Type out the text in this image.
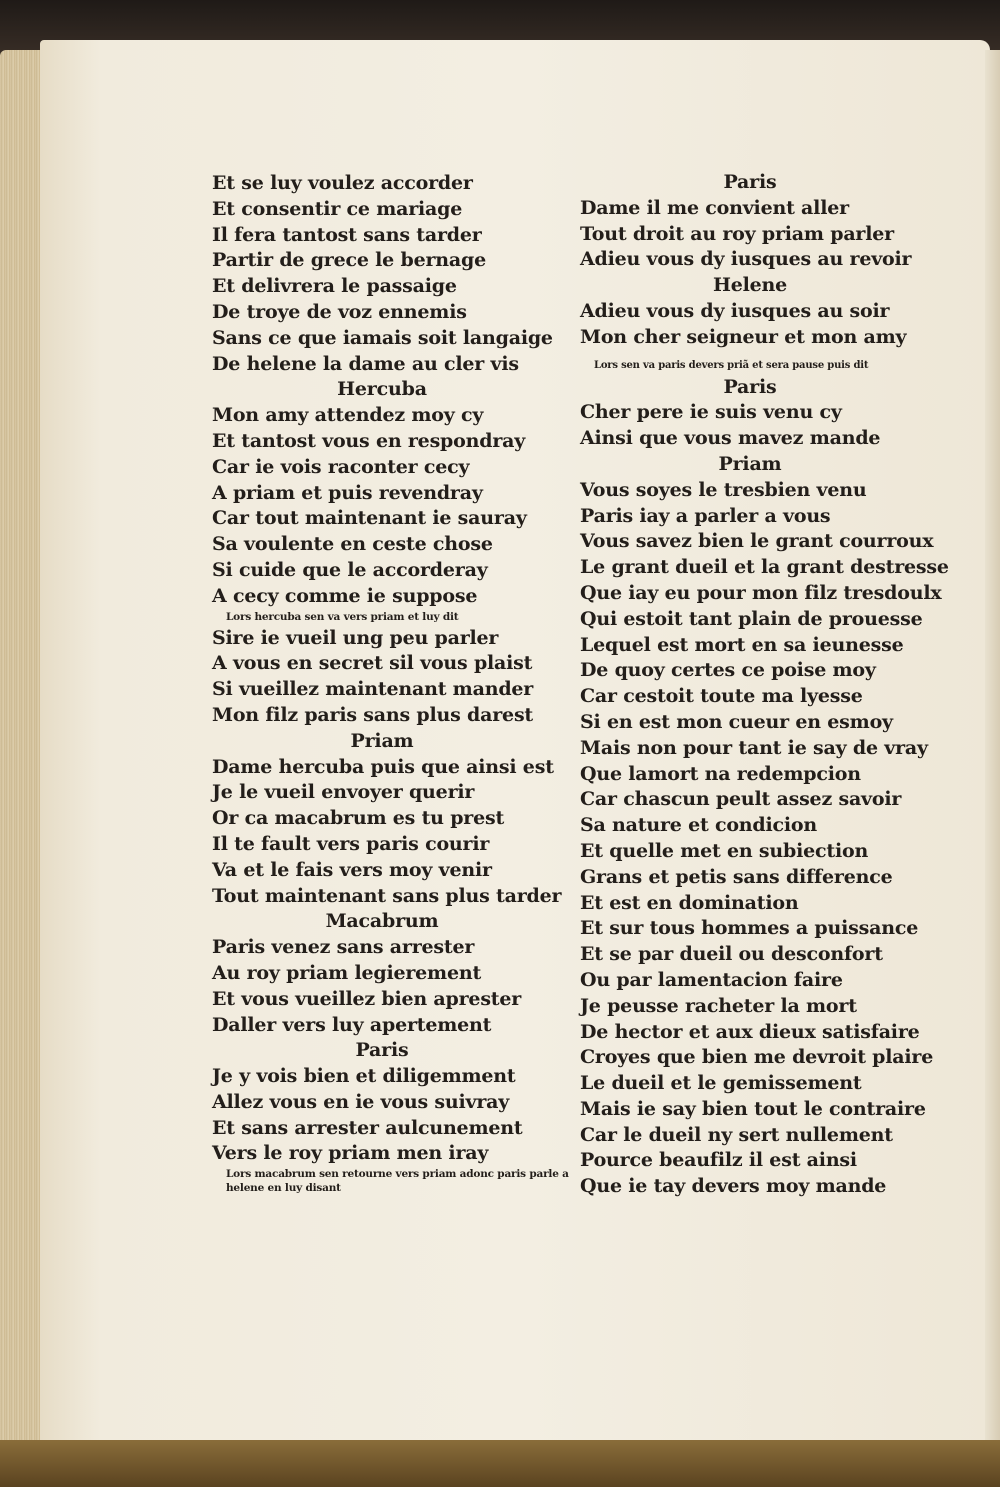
Et se luy voulez accorder
Et consentir ce mariage
Il fera tantost sans tarder
Partir de grece le bernage
Et delivrera le passaige
De troye de voz ennemis
Sans ce que iamais soit langaige
De helene la dame au cler vis
Hercuba
Mon amy attendez moy cy
Et tantost vous en respondray
Car ie vois raconter cecy
A priam et puis revendray
Car tout maintenant ie sauray
Sa voulente en ceste chose
Si cuide que le accorderay
A cecy comme ie suppose
Lors hercuba sen va vers priam et luy dit
Sire ie vueil ung peu parler
A vous en secret sil vous plaist
Si vueillez maintenant mander
Mon filz paris sans plus darest
Priam
Dame hercuba puis que ainsi est
Je le vueil envoyer querir
Or ca macabrum es tu prest
Il te fault vers paris courir
Va et le fais vers moy venir
Tout maintenant sans plus tarder
Macabrum
Paris venez sans arrester
Au roy priam legierement
Et vous vueillez bien aprester
Daller vers luy apertement
Paris
Je y vois bien et diligemment
Allez vous en ie vous suivray
Et sans arrester aulcunement
Vers le roy priam men iray
Lors macabrum sen retourne vers priam adonc paris parle a helene en luy disant
Paris
Dame il me convient aller
Tout droit au roy priam parler
Adieu vous dy iusques au revoir
Helene
Adieu vous dy iusques au soir
Mon cher seigneur et mon amy
Lors sen va paris devers priã et sera pause puis dit
Paris
Cher pere ie suis venu cy
Ainsi que vous mavez mande
Priam
Vous soyes le tresbien venu
Paris iay a parler a vous
Vous savez bien le grant courroux
Le grant dueil et la grant destresse
Que iay eu pour mon filz tresdoulx
Qui estoit tant plain de prouesse
Lequel est mort en sa ieunesse
De quoy certes ce poise moy
Car cestoit toute ma lyesse
Si en est mon cueur en esmoy
Mais non pour tant ie say de vray
Que lamort na redempcion
Car chascun peult assez savoir
Sa nature et condicion
Et quelle met en subiection
Grans et petis sans difference
Et est en domination
Et sur tous hommes a puissance
Et se par dueil ou desconfort
Ou par lamentacion faire
Je peusse racheter la mort
De hector et aux dieux satisfaire
Croyes que bien me devroit plaire
Le dueil et le gemissement
Mais ie say bien tout le contraire
Car le dueil ny sert nullement
Pource beaufilz il est ainsi
Que ie tay devers moy mande
